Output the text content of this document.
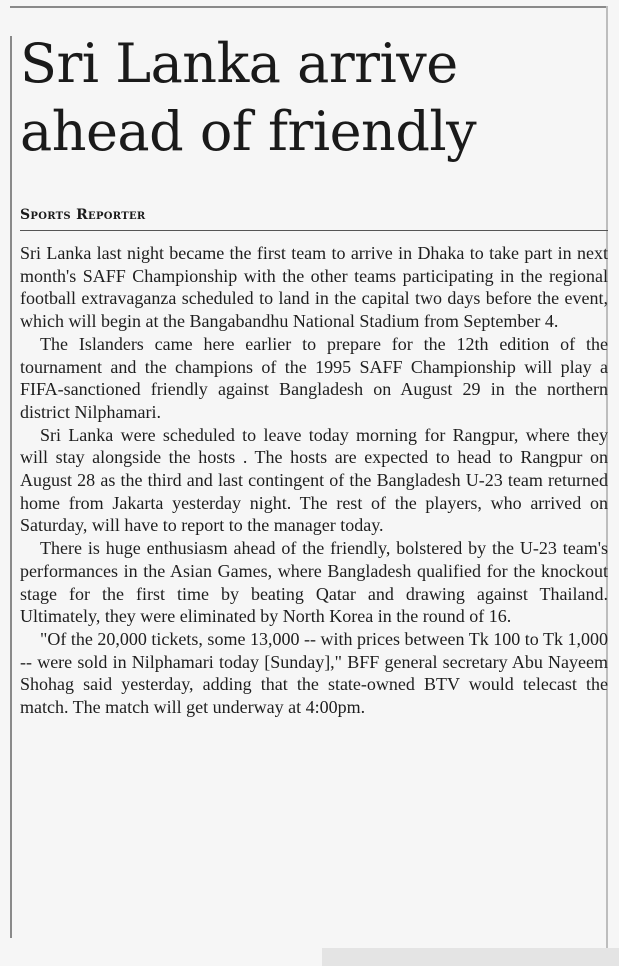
Sri Lanka arrive
ahead of friendly
Sports Reporter

Sri Lanka last night became the first team to arrive in Dhaka to take part in next month's SAFF Championship with the other teams participating in the regional football extravaganza scheduled to land in the capital two days before the event, which will begin at the Bangabandhu National Stadium from September 4.

The Islanders came here earlier to prepare for the 12th edition of the tournament and the champions of the 1995 SAFF Championship will play a FIFA-sanctioned friendly against Bangladesh on August 29 in the northern district Nilphamari.

Sri Lanka were scheduled to leave today morning for Rangpur, where they will stay alongside the hosts . The hosts are expected to head to Rangpur on August 28 as the third and last contingent of the Bangladesh U-23 team returned home from Jakarta yesterday night. The rest of the players, who arrived on Saturday, will have to report to the manager today.

There is huge enthusiasm ahead of the friendly, bolstered by the U-23 team's performances in the Asian Games, where Bangladesh qualified for the knockout stage for the first time by beating Qatar and drawing against Thailand. Ultimately, they were eliminated by North Korea in the round of 16.

"Of the 20,000 tickets, some 13,000 -- with prices between Tk 100 to Tk 1,000 -- were sold in Nilphamari today [Sunday]," BFF general secretary Abu Nayeem Shohag said yesterday, adding that the state-owned BTV would telecast the match. The match will get underway at 4:00pm.
